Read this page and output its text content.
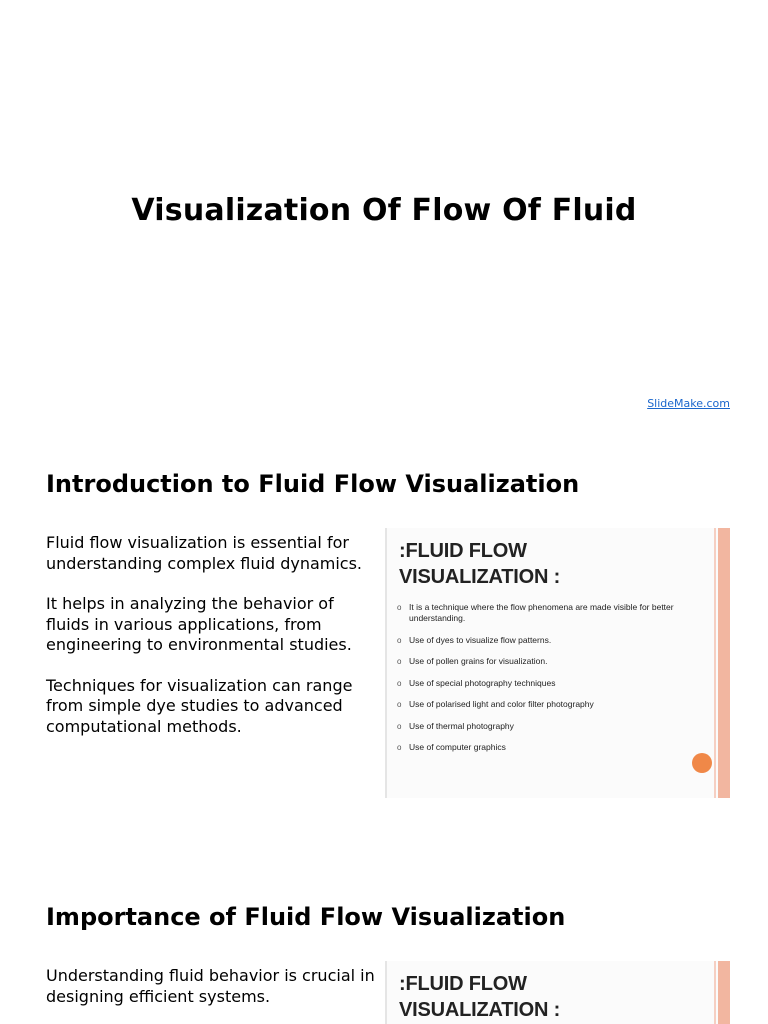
Visualization Of Flow Of Fluid
SlideMake.com
Introduction to Fluid Flow Visualization

Fluid flow visualization is essential for understanding complex fluid dynamics.

It helps in analyzing the behavior of fluids in various applications, from engineering to environmental studies.

Techniques for visualization can range from simple dye studies to advanced computational methods.

:FLUID FLOW
VISUALIZATION :
o It is a technique where the flow phenomena are made visible for better understanding.
o Use of dyes to visualize flow patterns.
o Use of pollen grains for visualization.
o Use of special photography techniques
o Use of polarised light and color filter photography
o Use of thermal photography
o Use of computer graphics
Importance of Fluid Flow Visualization

Understanding fluid behavior is crucial in designing efficient systems.

:FLUID FLOW
VISUALIZATION :
